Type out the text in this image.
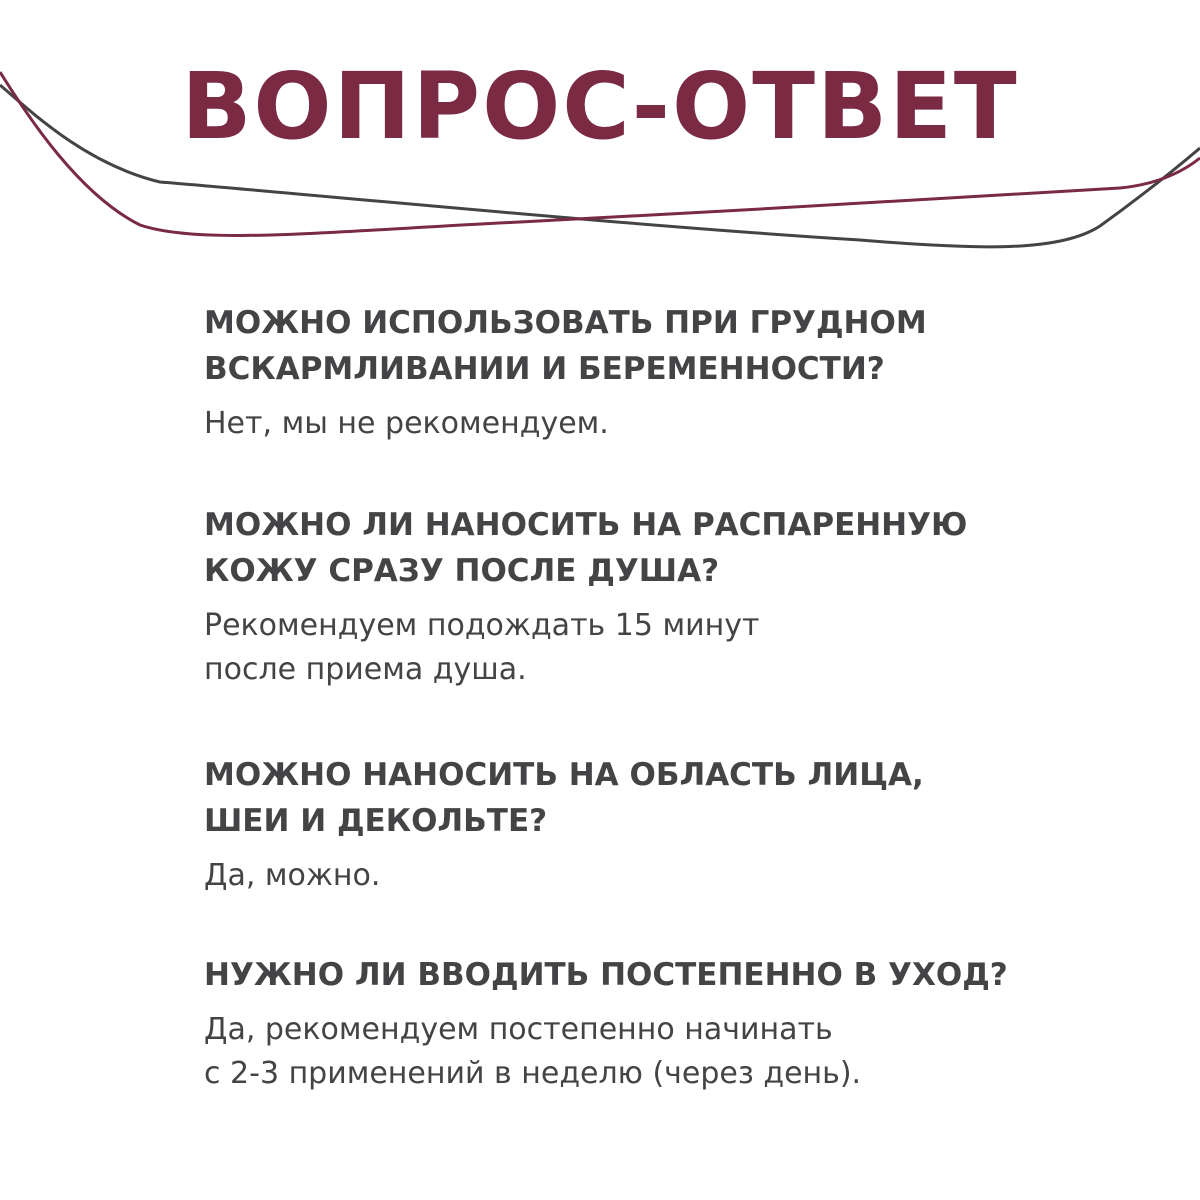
ВОПРОС-ОТВЕТ

МОЖНО ИСПОЛЬЗОВАТЬ ПРИ ГРУДНОМ
ВСКАРМЛИВАНИИ И БЕРЕМЕННОСТИ?

Нет, мы не рекомендуем.

МОЖНО ЛИ НАНОСИТЬ НА РАСПАРЕННУЮ
КОЖУ СРАЗУ ПОСЛЕ ДУША?

Рекомендуем подождать 15 минут
после приема душа.

МОЖНО НАНОСИТЬ НА ОБЛАСТЬ ЛИЦА,
ШЕИ И ДЕКОЛЬТЕ?

Да, можно.

НУЖНО ЛИ ВВОДИТЬ ПОСТЕПЕННО В УХОД?

Да, рекомендуем постепенно начинать
с 2-3 применений в неделю (через день).
